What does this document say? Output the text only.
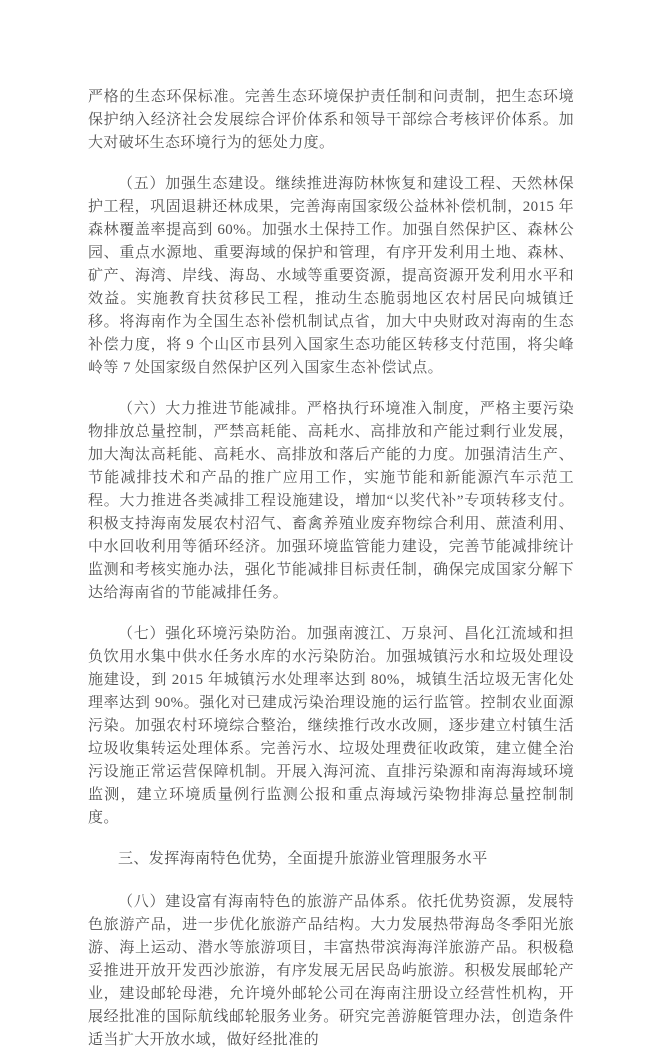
严格的生态环保标准。完善生态环境保护责任制和问责制，把生态环境保护纳入经济社会发展综合评价体系和领导干部综合考核评价体系。加大对破坏生态环境行为的惩处力度。

（五）加强生态建设。继续推进海防林恢复和建设工程、天然林保护工程，巩固退耕还林成果，完善海南国家级公益林补偿机制，2015 年森林覆盖率提高到 60%。加强水土保持工作。加强自然保护区、森林公园、重点水源地、重要海域的保护和管理，有序开发利用土地、森林、矿产、海湾、岸线、海岛、水域等重要资源，提高资源开发利用水平和效益。实施教育扶贫移民工程，推动生态脆弱地区农村居民向城镇迁移。将海南作为全国生态补偿机制试点省，加大中央财政对海南的生态补偿力度，将 9 个山区市县列入国家生态功能区转移支付范围，将尖峰岭等 7 处国家级自然保护区列入国家生态补偿试点。

（六）大力推进节能减排。严格执行环境准入制度，严格主要污染物排放总量控制，严禁高耗能、高耗水、高排放和产能过剩行业发展，加大淘汰高耗能、高耗水、高排放和落后产能的力度。加强清洁生产、节能减排技术和产品的推广应用工作，实施节能和新能源汽车示范工程。大力推进各类减排工程设施建设，增加“以奖代补”专项转移支付。积极支持海南发展农村沼气、畜禽养殖业废弃物综合利用、蔗渣利用、中水回收利用等循环经济。加强环境监管能力建设，完善节能减排统计监测和考核实施办法，强化节能减排目标责任制，确保完成国家分解下达给海南省的节能减排任务。

（七）强化环境污染防治。加强南渡江、万泉河、昌化江流域和担负饮用水集中供水任务水库的水污染防治。加强城镇污水和垃圾处理设施建设，到 2015 年城镇污水处理率达到 80%，城镇生活垃圾无害化处理率达到 90%。强化对已建成污染治理设施的运行监管。控制农业面源污染。加强农村环境综合整治，继续推行改水改厕，逐步建立村镇生活垃圾收集转运处理体系。完善污水、垃圾处理费征收政策，建立健全治污设施正常运营保障机制。开展入海河流、直排污染源和南海海域环境监测，建立环境质量例行监测公报和重点海域污染物排海总量控制制度。

三、发挥海南特色优势，全面提升旅游业管理服务水平

（八）建设富有海南特色的旅游产品体系。依托优势资源，发展特色旅游产品，进一步优化旅游产品结构。大力发展热带海岛冬季阳光旅游、海上运动、潜水等旅游项目，丰富热带滨海海洋旅游产品。积极稳妥推进开放开发西沙旅游，有序发展无居民岛屿旅游。积极发展邮轮产业，建设邮轮母港，允许境外邮轮公司在海南注册设立经营性机构，开展经批准的国际航线邮轮服务业务。研究完善游艇管理办法，创造条件适当扩大开放水域，做好经批准的
